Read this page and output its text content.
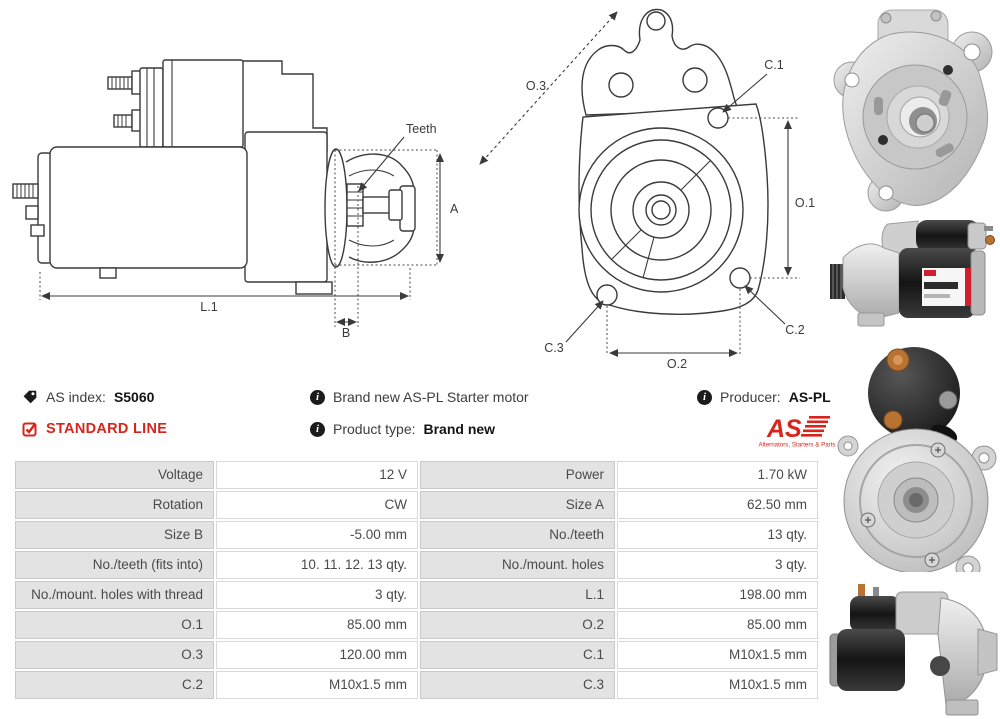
Teeth
A
L.1
B
O.3
C.1
O.1
C.2
C.3
O.2
AS index: S5060	i Brand new AS-PL Starter motor	i Producer: AS-PL
STANDARD LINE	i Product type: Brand new	AS
Alternators, Starters & Parts
Voltage	12 V	Power	1.70 kW
Rotation	CW	Size A	62.50 mm
Size B	-5.00 mm	No./teeth	13 qty.
No./teeth (fits into)	10. 11. 12. 13 qty.	No./mount. holes	3 qty.
No./mount. holes with thread	3 qty.	L.1	198.00 mm
O.1	85.00 mm	O.2	85.00 mm
O.3	120.00 mm	C.1	M10x1.5 mm
C.2	M10x1.5 mm	C.3	M10x1.5 mm
